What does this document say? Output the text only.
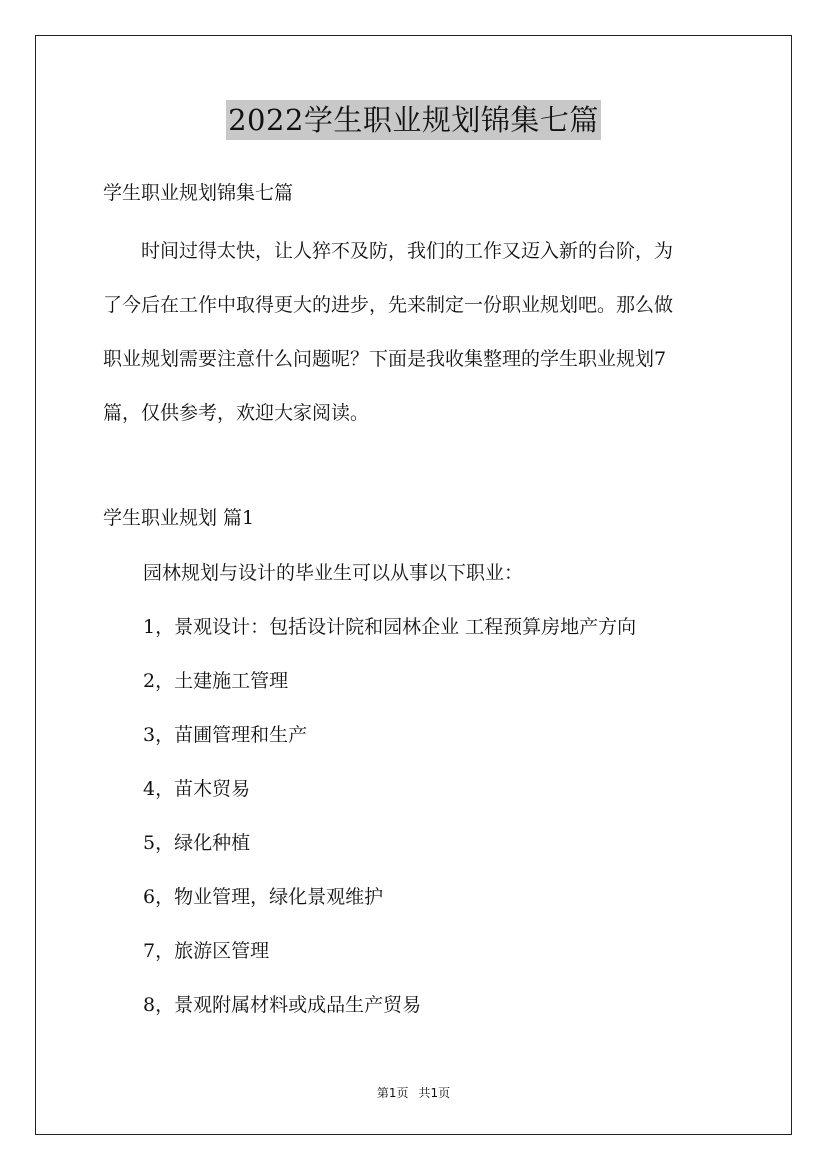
2022学生职业规划锦集七篇
学生职业规划锦集七篇
　　时间过得太快，让人猝不及防，我们的工作又迈入新的台阶，为
了今后在工作中取得更大的进步，先来制定一份职业规划吧。那么做
职业规划需要注意什么问题呢？下面是我收集整理的学生职业规划7
篇，仅供参考，欢迎大家阅读。
学生职业规划 篇1
园林规划与设计的毕业生可以从事以下职业：
1，景观设计：包括设计院和园林企业 工程预算房地产方向
2，土建施工管理
3，苗圃管理和生产
4，苗木贸易
5，绿化种植
6，物业管理，绿化景观维护
7，旅游区管理
8，景观附属材料或成品生产贸易
第1页 共1页
